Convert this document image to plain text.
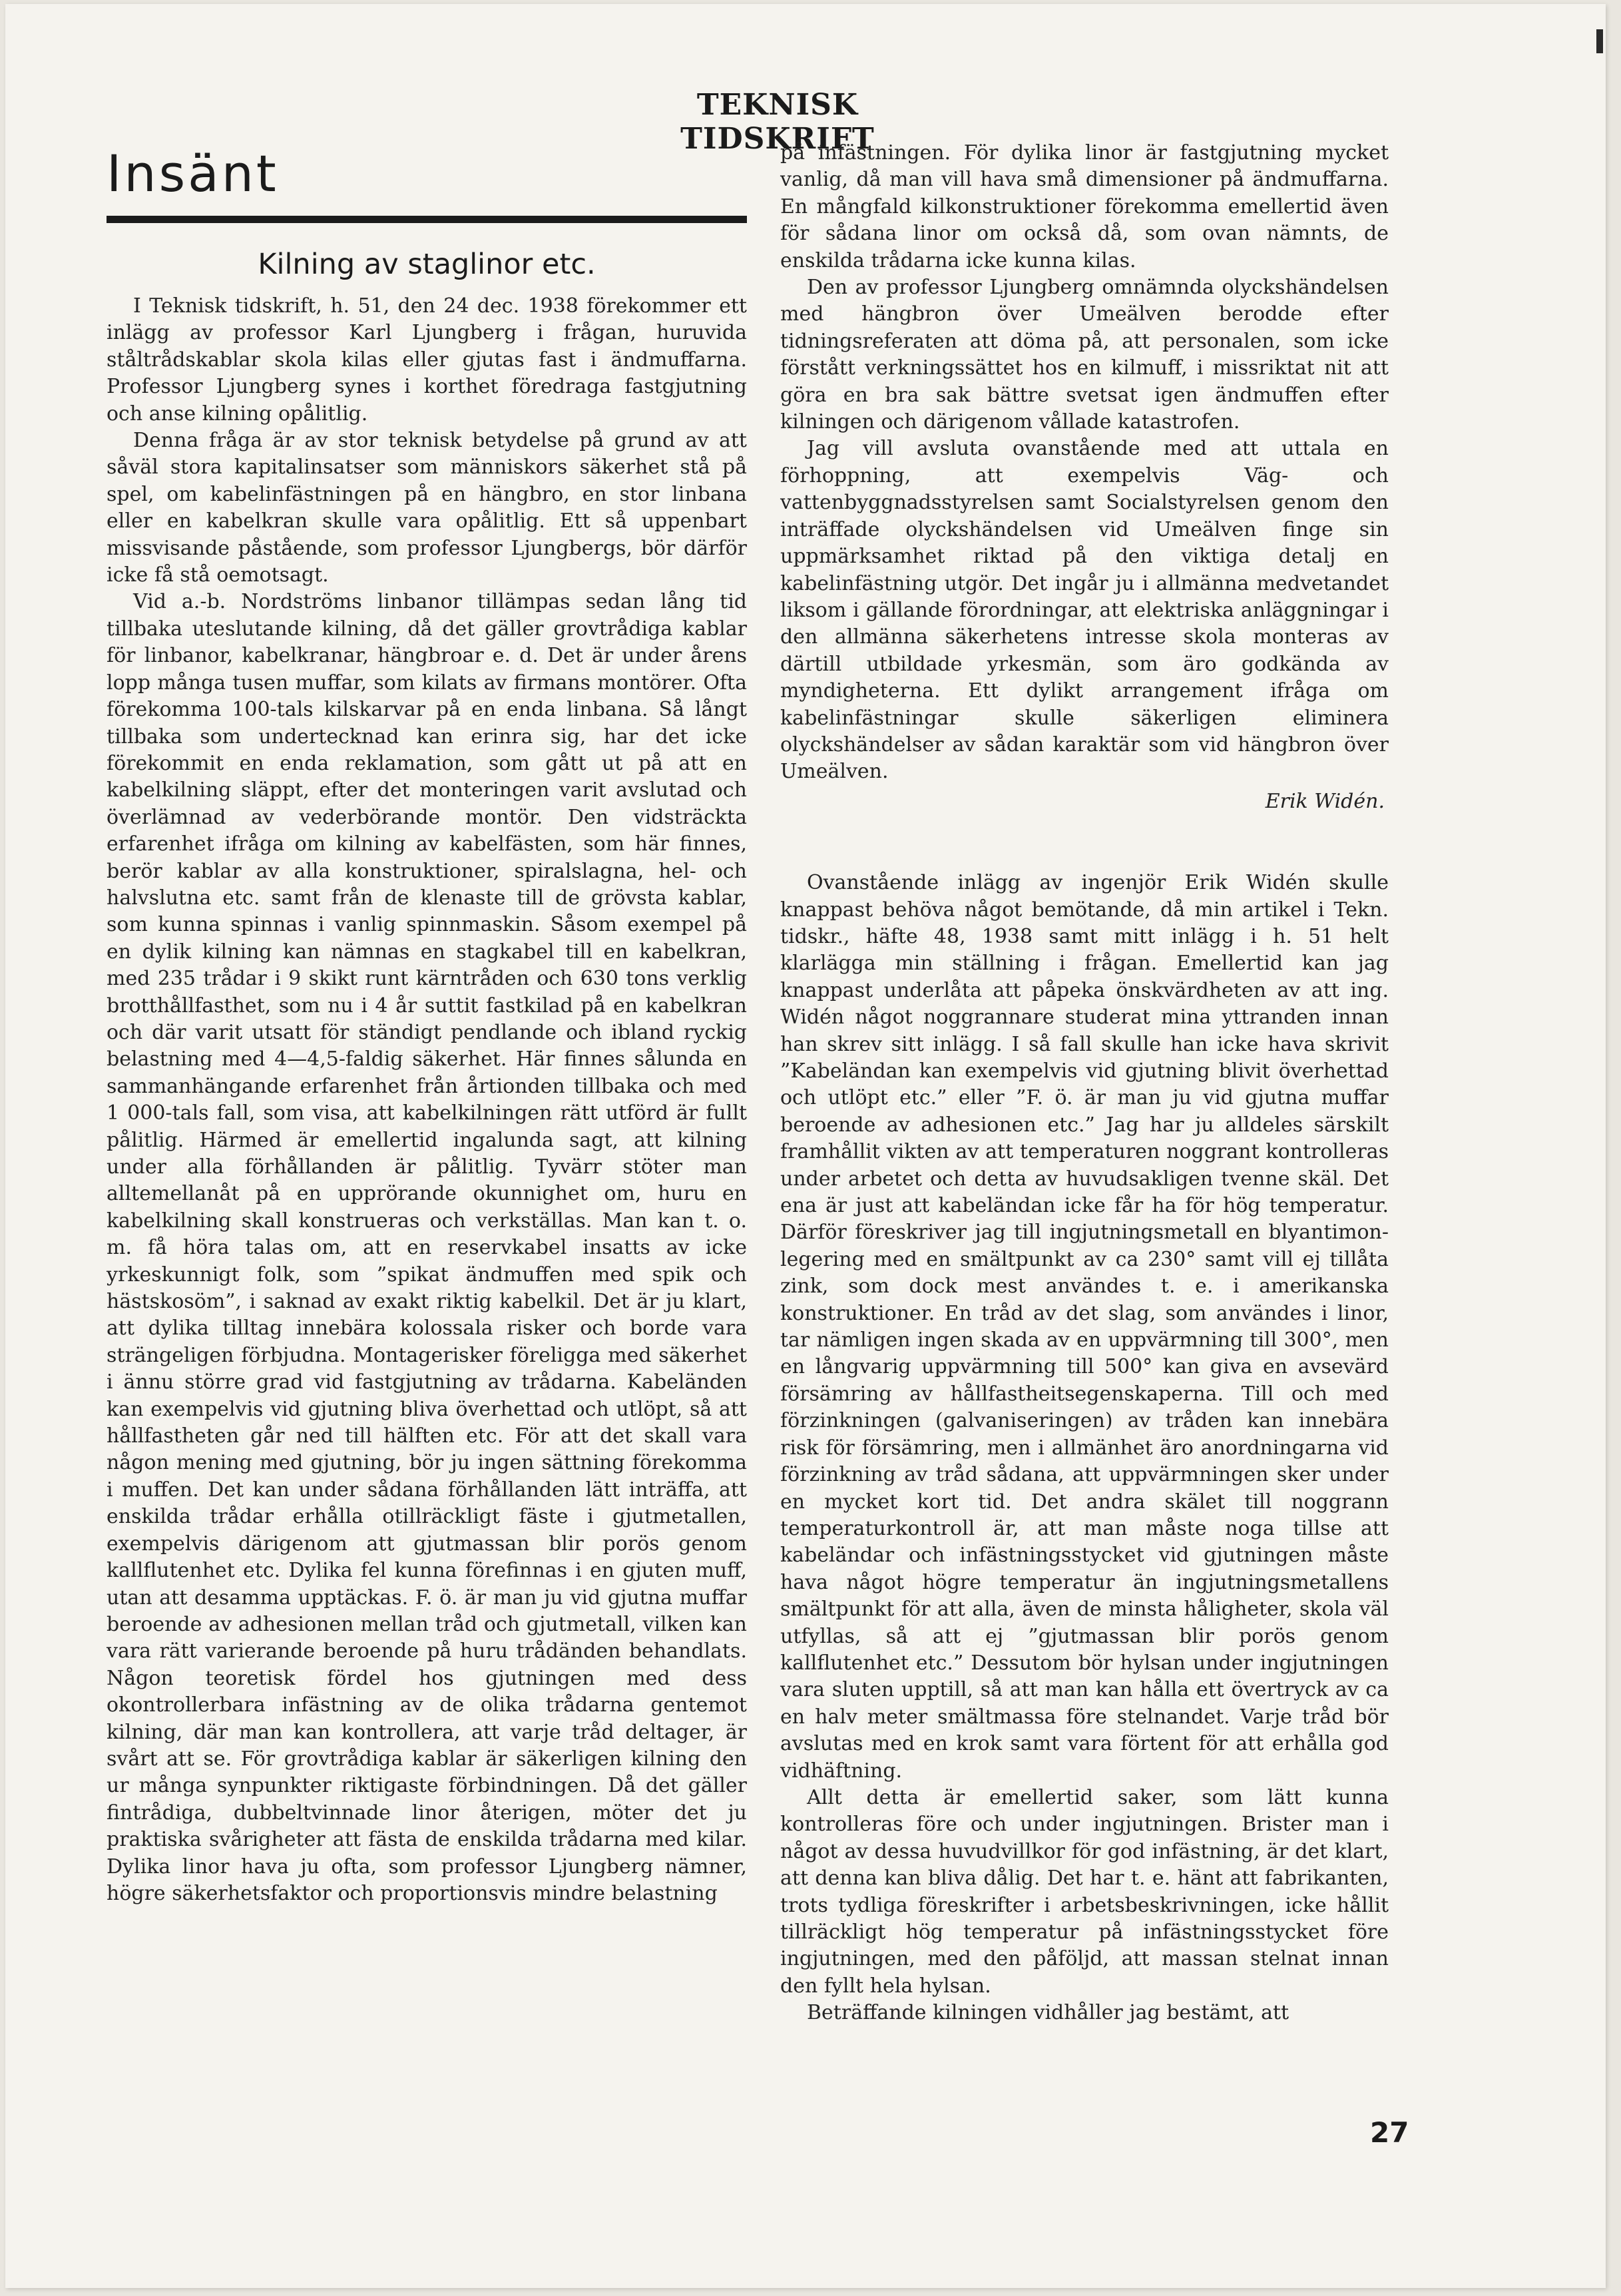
TEKNISK TIDSKRIFT
Insänt
Kilning av staglinor etc.

I Teknisk tidskrift, h. 51, den 24 dec. 1938 förekommer ett inlägg av professor Karl Ljungberg i frågan, huruvida ståltrådskablar skola kilas eller gjutas fast i ändmuffarna. Professor Ljungberg synes i korthet föredraga fastgjutning och anse kilning opålitlig.

Denna fråga är av stor teknisk betydelse på grund av att såväl stora kapitalinsatser som människors säkerhet stå på spel, om kabelinfästningen på en hängbro, en stor linbana eller en kabelkran skulle vara opålitlig. Ett så uppenbart missvisande påstående, som professor Ljungbergs, bör därför icke få stå oemotsagt.

Vid a.-b. Nordströms linbanor tillämpas sedan lång tid tillbaka uteslutande kilning, då det gäller grovtrådiga kablar för linbanor, kabelkranar, hängbroar e. d. Det är under årens lopp många tusen muffar, som kilats av firmans montörer. Ofta förekomma 100-tals kilskarvar på en enda linbana. Så långt tillbaka som undertecknad kan erinra sig, har det icke förekommit en enda reklamation, som gått ut på att en kabelkilning släppt, efter det monteringen varit avslutad och överlämnad av vederbörande montör. Den vidsträckta erfarenhet ifråga om kilning av kabelfästen, som här finnes, berör kablar av alla konstruktioner, spiralslagna, hel- och halvslutna etc. samt från de klenaste till de grövsta kablar, som kunna spinnas i vanlig spinnmaskin. Såsom exempel på en dylik kilning kan nämnas en stagkabel till en kabelkran, med 235 trådar i 9 skikt runt kärntråden och 630 tons verklig brotthållfasthet, som nu i 4 år suttit fastkilad på en kabelkran och där varit utsatt för ständigt pendlande och ibland ryckig belastning med 4—4,5-faldig säkerhet. Här finnes sålunda en sammanhängande erfarenhet från årtionden tillbaka och med 1 000-tals fall, som visa, att kabelkilningen rätt utförd är fullt pålitlig. Härmed är emellertid ingalunda sagt, att kilning under alla förhållanden är pålitlig. Tyvärr stöter man alltemellanåt på en upprörande okunnighet om, huru en kabelkilning skall konstrueras och verkställas. Man kan t. o. m. få höra talas om, att en reservkabel insatts av icke yrkeskunnigt folk, som ”spikat ändmuffen med spik och hästskosöm”, i saknad av exakt riktig kabelkil. Det är ju klart, att dylika tilltag innebära kolossala risker och borde vara strängeligen förbjudna. Montagerisker föreligga med säkerhet i ännu större grad vid fastgjutning av trådarna. Kabeländen kan exempelvis vid gjutning bliva överhettad och utlöpt, så att hållfastheten går ned till hälften etc. För att det skall vara någon mening med gjutning, bör ju ingen sättning förekomma i muffen. Det kan under sådana förhållanden lätt inträffa, att enskilda trådar erhålla otillräckligt fäste i gjutmetallen, exempelvis därigenom att gjutmassan blir porös genom kallflutenhet etc. Dylika fel kunna förefinnas i en gjuten muff, utan att desamma upptäckas. F. ö. är man ju vid gjutna muffar beroende av adhesionen mellan tråd och gjutmetall, vilken kan vara rätt varierande beroende på huru trådänden behandlats. Någon teoretisk fördel hos gjutningen med dess okontrollerbara infästning av de olika trådarna gentemot kilning, där man kan kontrollera, att varje tråd deltager, är svårt att se. För grovtrådiga kablar är säkerligen kilning den ur många synpunkter riktigaste förbindningen. Då det gäller fintrådiga, dubbeltvinnade linor återigen, möter det ju praktiska svårigheter att fästa de enskilda trådarna med kilar. Dylika linor hava ju ofta, som professor Ljungberg nämner, högre säkerhetsfaktor och proportionsvis mindre belastning

på infästningen. För dylika linor är fastgjutning mycket vanlig, då man vill hava små dimensioner på ändmuffarna. En mångfald kilkonstruktioner förekomma emellertid även för sådana linor om också då, som ovan nämnts, de enskilda trådarna icke kunna kilas.

Den av professor Ljungberg omnämnda olyckshändelsen med hängbron över Umeälven berodde efter tidningsreferaten att döma på, att personalen, som icke förstått verkningssättet hos en kilmuff, i missriktat nit att göra en bra sak bättre svetsat igen ändmuffen efter kilningen och därigenom vållade katastrofen.

Jag vill avsluta ovanstående med att uttala en förhoppning, att exempelvis Väg- och vattenbyggnadsstyrelsen samt Socialstyrelsen genom den inträffade olyckshändelsen vid Umeälven finge sin uppmärksamhet riktad på den viktiga detalj en kabelinfästning utgör. Det ingår ju i allmänna medvetandet liksom i gällande förordningar, att elektriska anläggningar i den allmänna säkerhetens intresse skola monteras av därtill utbildade yrkesmän, som äro godkända av myndigheterna. Ett dylikt arrangement ifråga om kabelinfästningar skulle säkerligen eliminera olyckshändelser av sådan karaktär som vid hängbron över Umeälven.

Erik Widén.

Ovanstående inlägg av ingenjör Erik Widén skulle knappast behöva något bemötande, då min artikel i Tekn. tidskr., häfte 48, 1938 samt mitt inlägg i h. 51 helt klarlägga min ställning i frågan. Emellertid kan jag knappast underlåta att påpeka önskvärdheten av att ing. Widén något noggrannare studerat mina yttranden innan han skrev sitt inlägg. I så fall skulle han icke hava skrivit ”Kabeländan kan exempelvis vid gjutning blivit överhettad och utlöpt etc.” eller ”F. ö. är man ju vid gjutna muffar beroende av adhesionen etc.” Jag har ju alldeles särskilt framhållit vikten av att temperaturen noggrant kontrolleras under arbetet och detta av huvudsakligen tvenne skäl. Det ena är just att kabeländan icke får ha för hög temperatur. Därför föreskriver jag till ingjutningsmetall en blyantimon-legering med en smältpunkt av ca 230° samt vill ej tillåta zink, som dock mest användes t. e. i amerikanska konstruktioner. En tråd av det slag, som användes i linor, tar nämligen ingen skada av en uppvärmning till 300°, men en långvarig uppvärmning till 500° kan giva en avsevärd försämring av hållfastheitsegenskaperna. Till och med förzinkningen (galvaniseringen) av tråden kan innebära risk för försämring, men i allmänhet äro anordningarna vid förzinkning av tråd sådana, att uppvärmningen sker under en mycket kort tid. Det andra skälet till noggrann temperaturkontroll är, att man måste noga tillse att kabeländar och infästningsstycket vid gjutningen måste hava något högre temperatur än ingjutningsmetallens smältpunkt för att alla, även de minsta håligheter, skola väl utfyllas, så att ej ”gjutmassan blir porös genom kallflutenhet etc.” Dessutom bör hylsan under ingjutningen vara sluten upptill, så att man kan hålla ett övertryck av ca en halv meter smältmassa före stelnandet. Varje tråd bör avslutas med en krok samt vara förtent för att erhålla god vidhäftning.

Allt detta är emellertid saker, som lätt kunna kontrolleras före och under ingjutningen. Brister man i något av dessa huvudvillkor för god infästning, är det klart, att denna kan bliva dålig. Det har t. e. hänt att fabrikanten, trots tydliga föreskrifter i arbetsbeskrivningen, icke hållit tillräckligt hög temperatur på infästningsstycket före ingjutningen, med den påföljd, att massan stelnat innan den fyllt hela hylsan.

Beträffande kilningen vidhåller jag bestämt, att

27
